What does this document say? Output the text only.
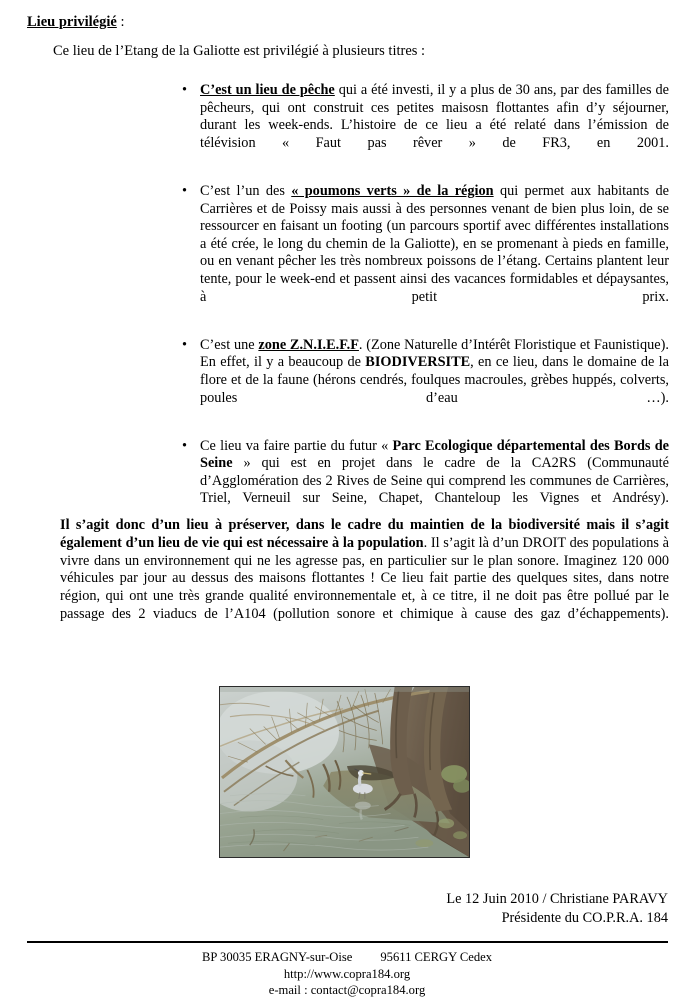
Lieu privilégié :
Ce lieu de l’Etang de la Galiotte est privilégié à plusieurs titres :
• C’est un lieu de pêche qui a été investi, il y a plus de 30 ans, par des familles de pêcheurs, qui ont construit ces petites maisosn flottantes afin d’y séjourner, durant les week-ends. L’histoire de ce lieu a été relaté dans l’émission de télévision « Faut pas rêver » de FR3, en 2001.
• C’est l’un des « poumons verts » de la région qui permet aux habitants de Carrières et de Poissy mais aussi à des personnes venant de bien plus loin, de se ressourcer en faisant un footing (un parcours sportif avec différentes installations a été crée, le long du chemin de la Galiotte), en se promenant à pieds en famille, ou en venant pêcher les très nombreux poissons de l’étang. Certains plantent leur tente, pour le week-end et passent ainsi des vacances formidables et dépaysantes, à petit prix.
• C’est une zone Z.N.I.E.F.F. (Zone Naturelle d’Intérêt Floristique et Faunistique). En effet, il y a beaucoup de BIODIVERSITE, en ce lieu, dans le domaine de la flore et de la faune (hérons cendrés, foulques macroules, grèbes huppés, colverts, poules d’eau …).
• Ce lieu va faire partie du futur « Parc Ecologique départemental des Bords de Seine » qui est en projet dans le cadre de la CA2RS (Communauté d’Agglomération des 2 Rives de Seine qui comprend les communes de Carrières, Triel, Verneuil sur Seine, Chapet, Chanteloup les Vignes et Andrésy).
Il s’agit donc d’un lieu à préserver, dans le cadre du maintien de la biodiversité mais il s’agit également d’un lieu de vie qui est nécessaire à la population. Il s’agit là d’un DROIT des populations à vivre dans un environnement qui ne les agresse pas, en particulier sur le plan sonore. Imaginez 120 000 véhicules par jour au dessus des maisons flottantes ! Ce lieu fait partie des quelques sites, dans notre région, qui ont une très grande qualité environnementale et, à ce titre, il ne doit pas être pollué par le passage des 2 viaducs de l’A104 (pollution sonore et chimique à cause des gaz d’échappements).
Le 12 Juin 2010 / Christiane PARAVY
Présidente du CO.P.R.A. 184
BP 30035 ERAGNY-sur-Oise 95611 CERGY Cedex
http://www.copra184.org
e-mail : contact@copra184.org
